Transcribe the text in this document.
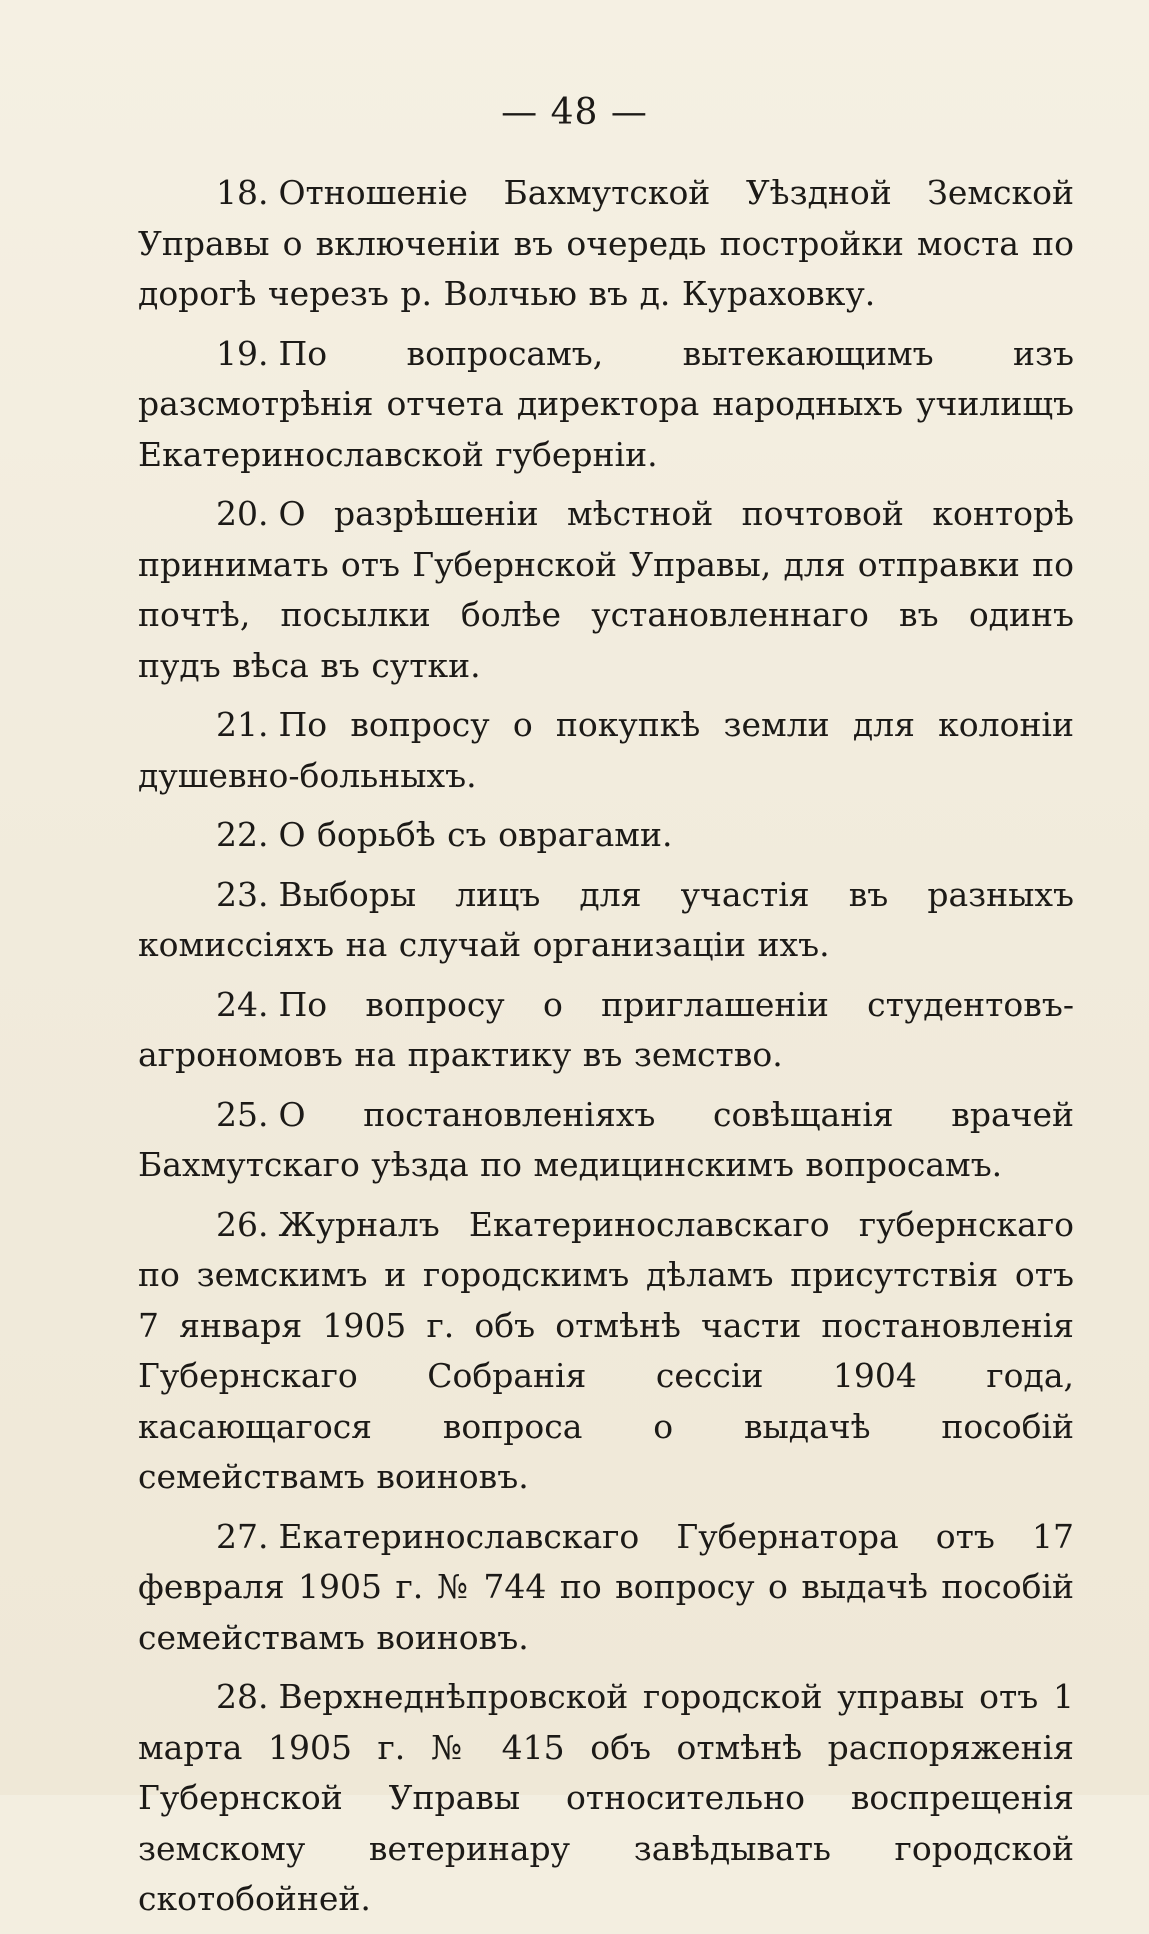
— 48 —

18. Отношеніе Бахмутской Уѣздной Земской Управы о включеніи въ очередь постройки моста по дорогѣ черезъ р. Волчью въ д. Кураховку.

19. По вопросамъ, вытекающимъ изъ разсмотрѣнія отчета директора народныхъ училищъ Екатеринославской губерніи.

20. О разрѣшеніи мѣстной почтовой конторѣ принимать отъ Губернской Управы, для отправки по почтѣ, посылки болѣе установленнаго въ одинъ пудъ вѣса въ сутки.

21. По вопросу о покупкѣ земли для колоніи душевно-больныхъ.

22. О борьбѣ съ оврагами.

23. Выборы лицъ для участія въ разныхъ комиссіяхъ на случай организаціи ихъ.

24. По вопросу о приглашеніи студентовъ-агрономовъ на практику въ земство.

25. О постановленіяхъ совѣщанія врачей Бахмутскаго уѣзда по медицинскимъ вопросамъ.

26. Журналъ Екатеринославскаго губернскаго по земскимъ и городскимъ дѣламъ присутствія отъ 7 января 1905 г. объ отмѣнѣ части постановленія Губернскаго Собранія сессіи 1904 года, касающагося вопроса о выдачѣ пособій семействамъ воиновъ.

27. Екатеринославскаго Губернатора отъ 17 февраля 1905 г. № 744 по вопросу о выдачѣ пособій семействамъ воиновъ.

28. Верхнеднѣпровской городской управы отъ 1 марта 1905 г. № 415 объ отмѣнѣ распоряженія Губернской Управы относительно воспрещенія земскому ветеринару завѣдывать городской скотобойней.
